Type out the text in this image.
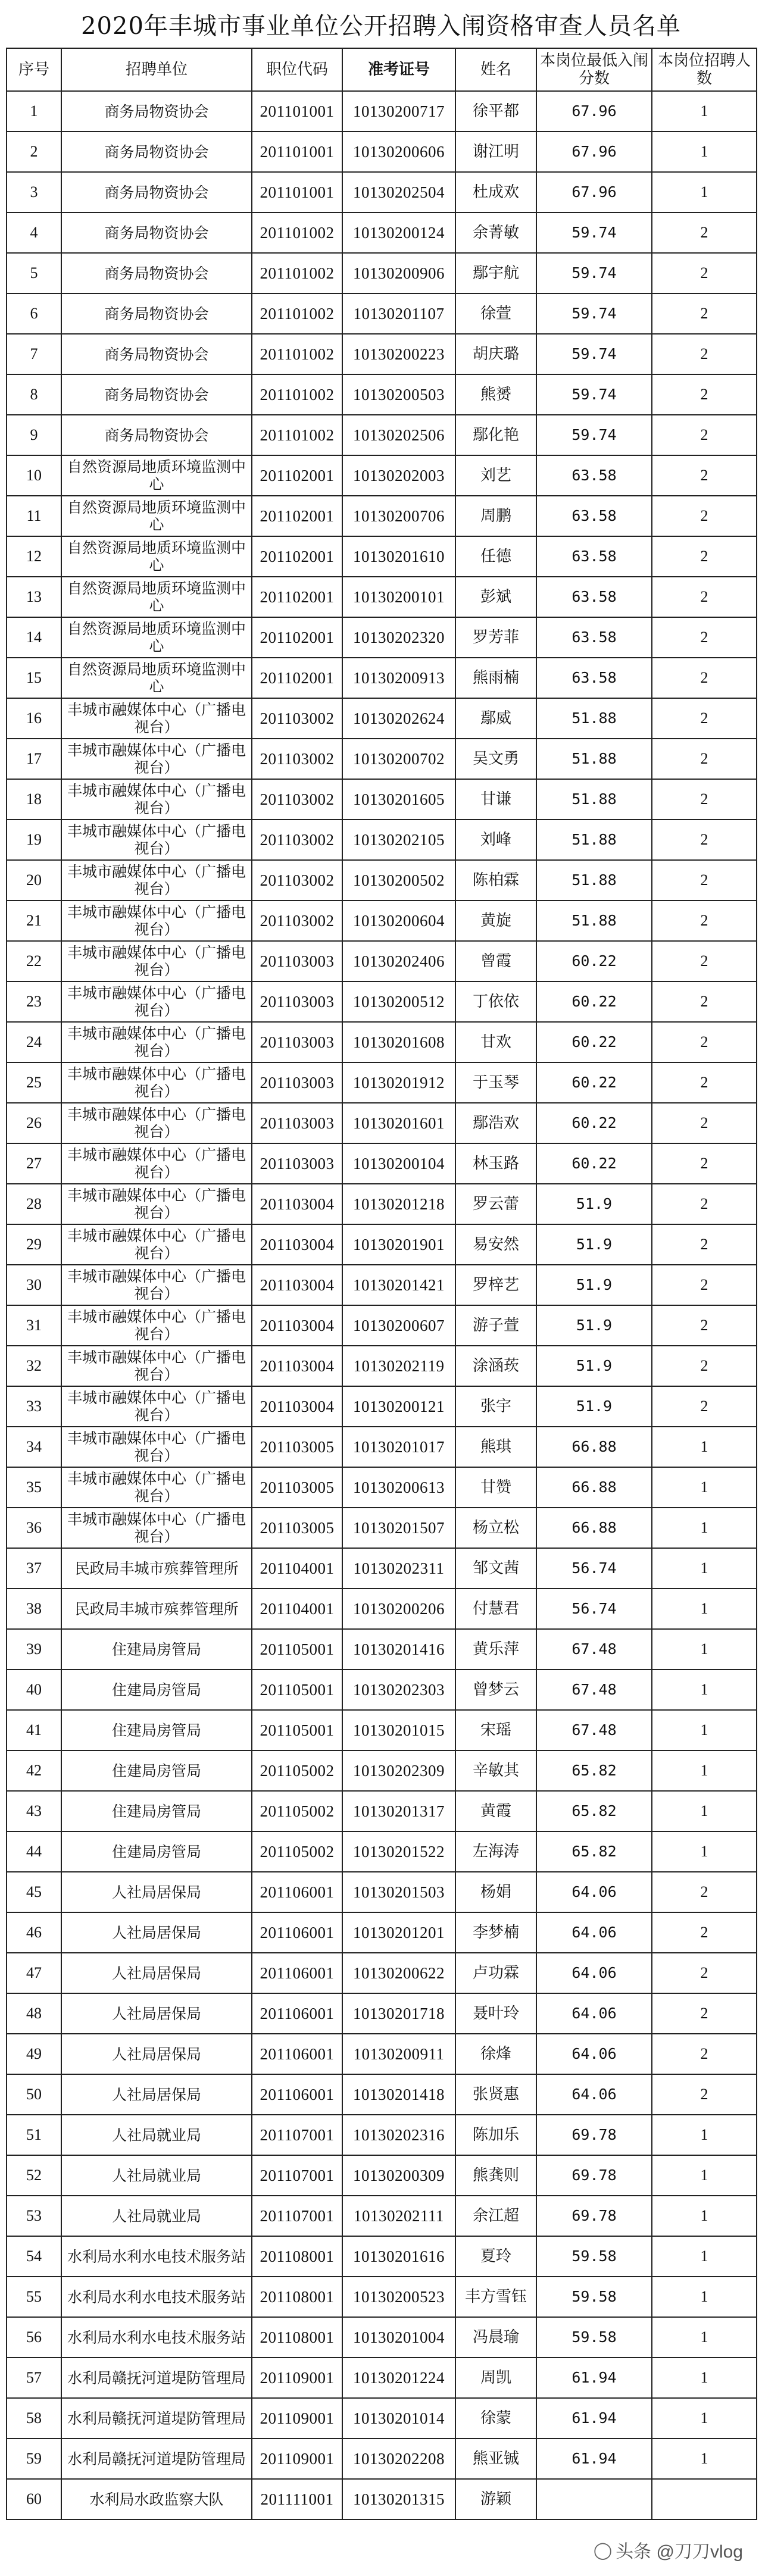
2020年丰城市事业单位公开招聘入闱资格审查人员名单
序号	招聘单位	职位代码	准考证号	姓名	本岗位最低入闱分数	本岗位招聘人数
1	商务局物资协会	201101001	10130200717	徐平都	67.96	1
2	商务局物资协会	201101001	10130200606	谢江明	67.96	1
3	商务局物资协会	201101001	10130202504	杜成欢	67.96	1
4	商务局物资协会	201101002	10130200124	余菁敏	59.74	2
5	商务局物资协会	201101002	10130200906	鄢宇航	59.74	2
6	商务局物资协会	201101002	10130201107	徐萱	59.74	2
7	商务局物资协会	201101002	10130200223	胡庆璐	59.74	2
8	商务局物资协会	201101002	10130200503	熊赟	59.74	2
9	商务局物资协会	201101002	10130202506	鄢化艳	59.74	2
10	自然资源局地质环境监测中心	201102001	10130202003	刘艺	63.58	2
11	自然资源局地质环境监测中心	201102001	10130200706	周鹏	63.58	2
12	自然资源局地质环境监测中心	201102001	10130201610	任德	63.58	2
13	自然资源局地质环境监测中心	201102001	10130200101	彭斌	63.58	2
14	自然资源局地质环境监测中心	201102001	10130202320	罗芳菲	63.58	2
15	自然资源局地质环境监测中心	201102001	10130200913	熊雨楠	63.58	2
16	丰城市融媒体中心（广播电视台）	201103002	10130202624	鄢威	51.88	2
17	丰城市融媒体中心（广播电视台）	201103002	10130200702	吴文勇	51.88	2
18	丰城市融媒体中心（广播电视台）	201103002	10130201605	甘谦	51.88	2
19	丰城市融媒体中心（广播电视台）	201103002	10130202105	刘峰	51.88	2
20	丰城市融媒体中心（广播电视台）	201103002	10130200502	陈柏霖	51.88	2
21	丰城市融媒体中心（广播电视台）	201103002	10130200604	黄旋	51.88	2
22	丰城市融媒体中心（广播电视台）	201103003	10130202406	曾霞	60.22	2
23	丰城市融媒体中心（广播电视台）	201103003	10130200512	丁依依	60.22	2
24	丰城市融媒体中心（广播电视台）	201103003	10130201608	甘欢	60.22	2
25	丰城市融媒体中心（广播电视台）	201103003	10130201912	于玉琴	60.22	2
26	丰城市融媒体中心（广播电视台）	201103003	10130201601	鄢浩欢	60.22	2
27	丰城市融媒体中心（广播电视台）	201103003	10130200104	林玉路	60.22	2
28	丰城市融媒体中心（广播电视台）	201103004	10130201218	罗云蕾	51.9	2
29	丰城市融媒体中心（广播电视台）	201103004	10130201901	易安然	51.9	2
30	丰城市融媒体中心（广播电视台）	201103004	10130201421	罗梓艺	51.9	2
31	丰城市融媒体中心（广播电视台）	201103004	10130200607	游子萱	51.9	2
32	丰城市融媒体中心（广播电视台）	201103004	10130202119	涂涵莰	51.9	2
33	丰城市融媒体中心（广播电视台）	201103004	10130200121	张宇	51.9	2
34	丰城市融媒体中心（广播电视台）	201103005	10130201017	熊琪	66.88	1
35	丰城市融媒体中心（广播电视台）	201103005	10130200613	甘赞	66.88	1
36	丰城市融媒体中心（广播电视台）	201103005	10130201507	杨立松	66.88	1
37	民政局丰城市殡葬管理所	201104001	10130202311	邹文茜	56.74	1
38	民政局丰城市殡葬管理所	201104001	10130200206	付慧君	56.74	1
39	住建局房管局	201105001	10130201416	黄乐萍	67.48	1
40	住建局房管局	201105001	10130202303	曾梦云	67.48	1
41	住建局房管局	201105001	10130201015	宋瑶	67.48	1
42	住建局房管局	201105002	10130202309	辛敏其	65.82	1
43	住建局房管局	201105002	10130201317	黄霞	65.82	1
44	住建局房管局	201105002	10130201522	左海涛	65.82	1
45	人社局居保局	201106001	10130201503	杨娟	64.06	2
46	人社局居保局	201106001	10130201201	李梦楠	64.06	2
47	人社局居保局	201106001	10130200622	卢功霖	64.06	2
48	人社局居保局	201106001	10130201718	聂叶玲	64.06	2
49	人社局居保局	201106001	10130200911	徐烽	64.06	2
50	人社局居保局	201106001	10130201418	张贤惠	64.06	2
51	人社局就业局	201107001	10130202316	陈加乐	69.78	1
52	人社局就业局	201107001	10130200309	熊龚则	69.78	1
53	人社局就业局	201107001	10130202111	余江超	69.78	1
54	水利局水利水电技术服务站	201108001	10130201616	夏玲	59.58	1
55	水利局水利水电技术服务站	201108001	10130200523	丰方雪钰	59.58	1
56	水利局水利水电技术服务站	201108001	10130201004	冯晨瑜	59.58	1
57	水利局赣抚河道堤防管理局	201109001	10130201224	周凯	61.94	1
58	水利局赣抚河道堤防管理局	201109001	10130201014	徐蒙	61.94	1
59	水利局赣抚河道堤防管理局	201109001	10130202208	熊亚铖	61.94	1
60	水利局水政监察大队	201111001	10130201315	游颖		
◯ 头条 @刀刀vlog
